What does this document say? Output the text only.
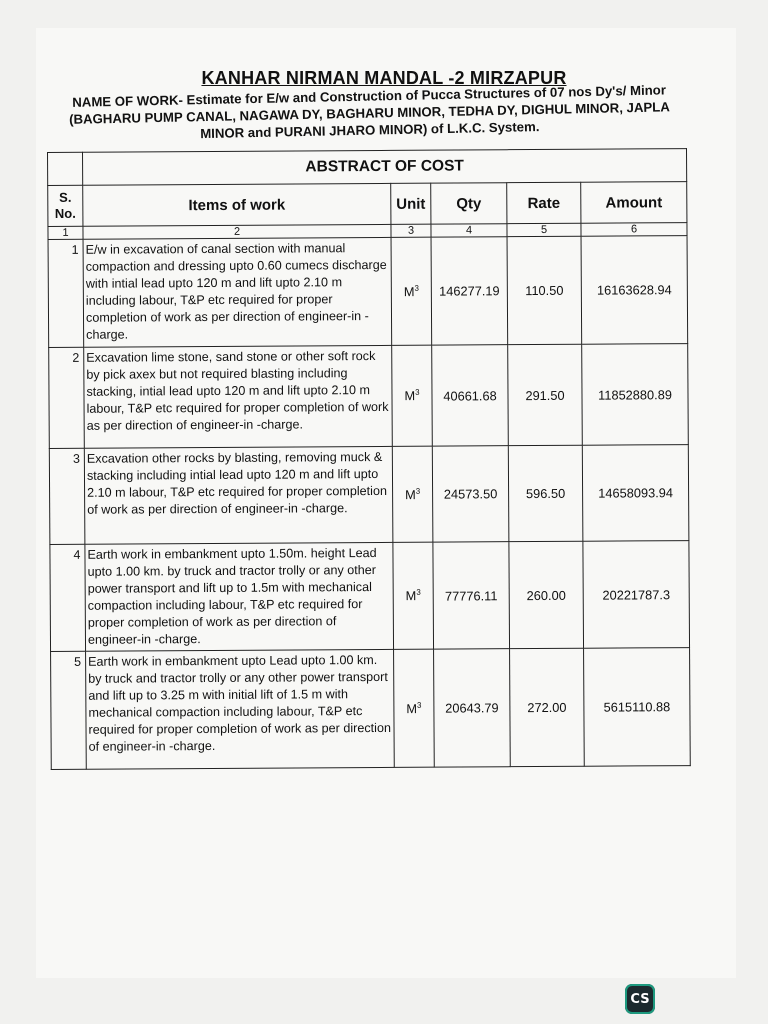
KANHAR NIRMAN MANDAL -2 MIRZAPUR
NAME OF WORK- Estimate for E/w and Construction of Pucca Structures of 07 nos Dy's/ Minor (BAGHARU PUMP CANAL, NAGAWA DY, BAGHARU MINOR, TEDHA DY, DIGHUL MINOR, JAPLA MINOR and PURANI JHARO MINOR) of L.K.C. System.
	ABSTRACT OF COST				
S. No.	Items of work	Unit	Qty	Rate	Amount
1	2	3	4	5	6
1	E/w in excavation of canal section with manual compaction and dressing upto 0.60 cumecs discharge with intial lead upto 120 m and lift upto 2.10 m including labour, T&P etc required for proper completion of work as per direction of engineer-in -charge.	$M^3$	146277.19	110.50	16163628.94
2	Excavation lime stone, sand stone or other soft rock by pick axex but not required blasting including stacking, intial lead upto 120 m and lift upto 2.10 m labour, T&P etc required for proper completion of work as per direction of engineer-in -charge.	$M^3$	40661.68	291.50	11852880.89
3	Excavation other rocks by blasting, removing muck & stacking including intial lead upto 120 m and lift upto 2.10 m labour, T&P etc required for proper completion of work as per direction of engineer-in -charge.	$M^3$	24573.50	596.50	14658093.94
4	Earth work in embankment upto 1.50m. height Lead upto 1.00 km. by truck and tractor trolly or any other power transport and lift up to 1.5m with mechanical compaction including labour, T&P etc required for proper completion of work as per direction of engineer-in -charge.	$M^3$	77776.11	260.00	20221787.3
5	Earth work in embankment upto Lead upto 1.00 km. by truck and tractor trolly or any other power transport and lift up to 3.25 m with initial lift of 1.5 m with mechanical compaction including labour, T&P etc required for proper completion of work as per direction of engineer-in -charge.	$M^3$	20643.79	272.00	5615110.88
CS
